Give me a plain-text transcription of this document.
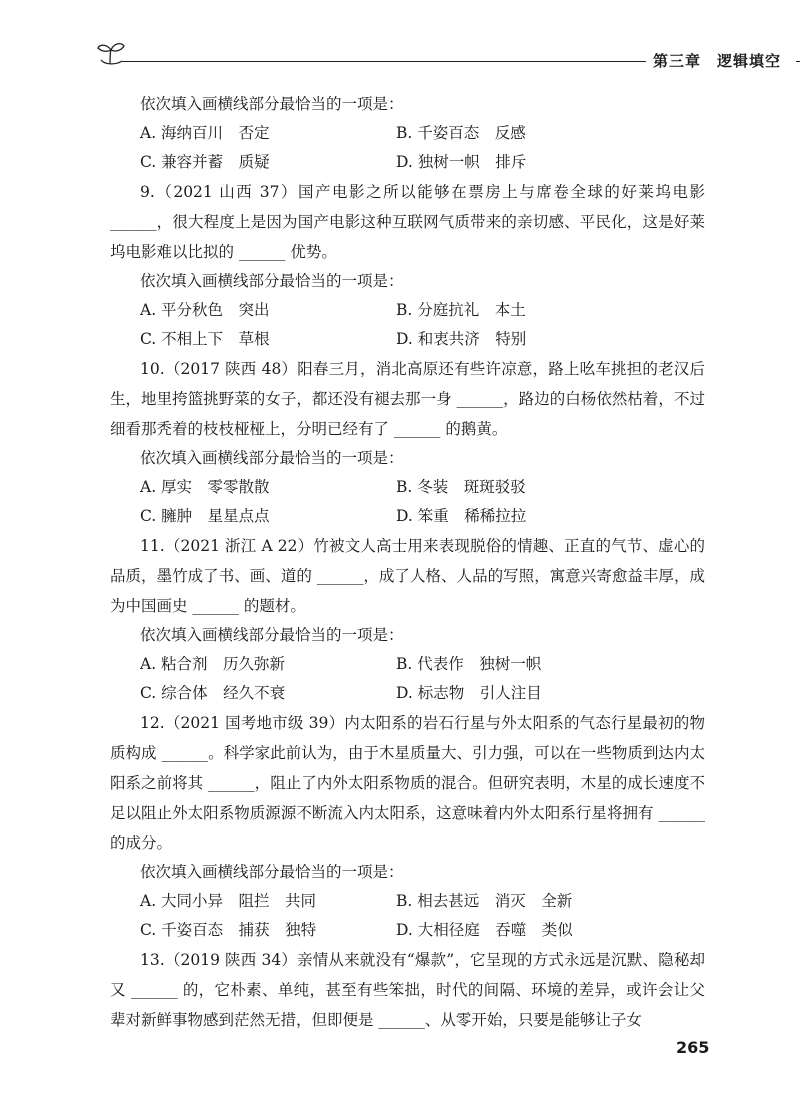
第三章　逻辑填空
依次填入画横线部分最恰当的一项是：
A. 海纳百川　否定	B. 千姿百态　反感
C. 兼容并蓄　质疑	D. 独树一帜　排斥

9.（2021 山西 37）国产电影之所以能够在票房上与席卷全球的好莱坞电影 ______，很大程度上是因为国产电影这种互联网气质带来的亲切感、平民化，这是好莱坞电影难以比拟的 ______ 优势。

依次填入画横线部分最恰当的一项是：
A. 平分秋色　突出	B. 分庭抗礼　本土
C. 不相上下　草根	D. 和衷共济　特别

10.（2017 陕西 48）阳春三月，消北高原还有些许凉意，路上吆车挑担的老汉后生，地里挎篮挑野菜的女子，都还没有褪去那一身 ______，路边的白杨依然枯着，不过细看那秃着的枝枝桠桠上，分明已经有了 ______ 的鹅黄。

依次填入画横线部分最恰当的一项是：
A. 厚实　零零散散	B. 冬装　斑斑驳驳
C. 臃肿　星星点点	D. 笨重　稀稀拉拉

11.（2021 浙江 A 22）竹被文人高士用来表现脱俗的情趣、正直的气节、虚心的品质，墨竹成了书、画、道的 ______，成了人格、人品的写照，寓意兴寄愈益丰厚，成为中国画史 ______ 的题材。

依次填入画横线部分最恰当的一项是：
A. 粘合剂　历久弥新	B. 代表作　独树一帜
C. 综合体　经久不衰	D. 标志物　引人注目

12.（2021 国考地市级 39）内太阳系的岩石行星与外太阳系的气态行星最初的物质构成 ______。科学家此前认为，由于木星质量大、引力强，可以在一些物质到达内太阳系之前将其 ______，阻止了内外太阳系物质的混合。但研究表明，木星的成长速度不足以阻止外太阳系物质源源不断流入内太阳系，这意味着内外太阳系行星将拥有 ______ 的成分。

依次填入画横线部分最恰当的一项是：
A. 大同小异　阻拦　共同	B. 相去甚远　消灭　全新
C. 千姿百态　捕获　独特	D. 大相径庭　吞噬　类似

13.（2019 陕西 34）亲情从来就没有“爆款”，它呈现的方式永远是沉默、隐秘却又 ______ 的，它朴素、单纯，甚至有些笨拙，时代的间隔、环境的差异，或许会让父辈对新鲜事物感到茫然无措，但即便是 ______、从零开始，只要是能够让子女

265
